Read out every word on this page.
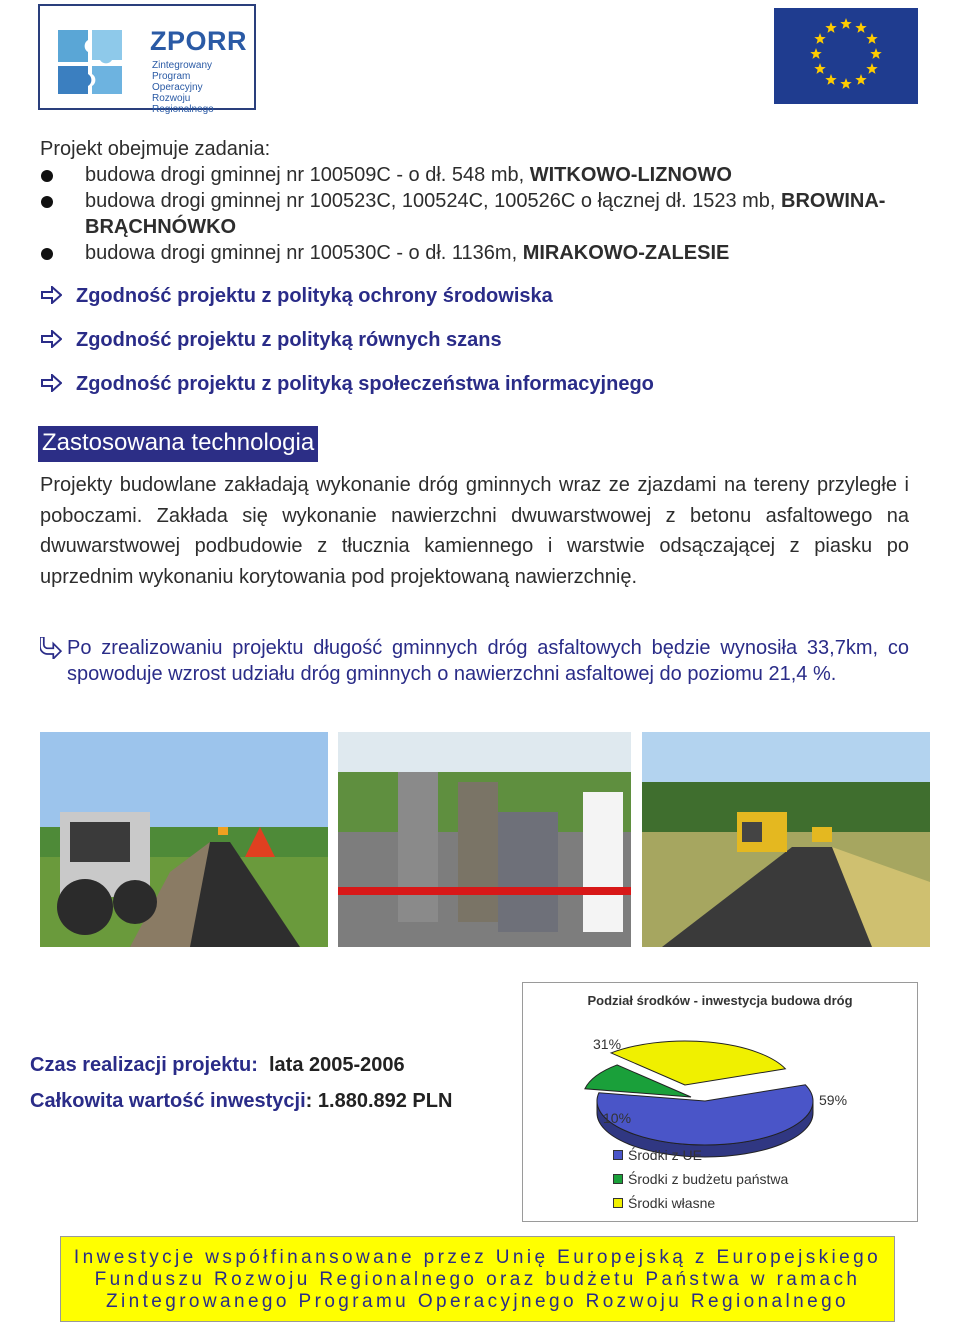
ZPORR
Zintegrowany Program
Operacyjny
Rozwoju Regionalnego
Projekt obejmuje zadania:
budowa drogi gminnej nr 100509C - o dł. 548 mb, WITKOWO-LIZNOWO
budowa drogi gminnej nr 100523C, 100524C, 100526C o łącznej dł. 1523 mb, BROWINA-BRĄCHNÓWKO
budowa drogi gminnej nr 100530C - o dł. 1136m, MIRAKOWO-ZALESIE
Zgodność projektu z polityką ochrony środowiska
Zgodność projektu z polityką równych szans
Zgodność projektu z polityką społeczeństwa informacyjnego
Zastosowana technologia
Projekty budowlane zakładają wykonanie dróg gminnych wraz ze zjazdami na tereny przyległe i poboczami. Zakłada się wykonanie nawierzchni dwuwarstwowej z betonu asfaltowego na dwuwarstwowej podbudowie z tłucznia kamiennego i warstwie odsączającej z piasku po uprzednim wykonaniu korytowania pod projektowaną nawierzchnię.
Po zrealizowaniu projektu długość gminnych dróg asfaltowych będzie wynosiła 33,7km, co spowoduje wzrost udziału dróg gminnych o nawierzchni asfaltowej do poziomu 21,4 %.
Czas realizacji projektu: lata 2005-2006
Całkowita wartość inwestycji: 1.880.892 PLN
Podział środków - inwestycja budowa dróg
59%
10%
31%
Środki z UE
Środki z budżetu państwa
Środki własne
Inwestycje współfinansowane przez Unię Europejską z Europejskiego
Funduszu Rozwoju Regionalnego oraz budżetu Państwa w ramach
Zintegrowanego Programu Operacyjnego Rozwoju Regionalnego
